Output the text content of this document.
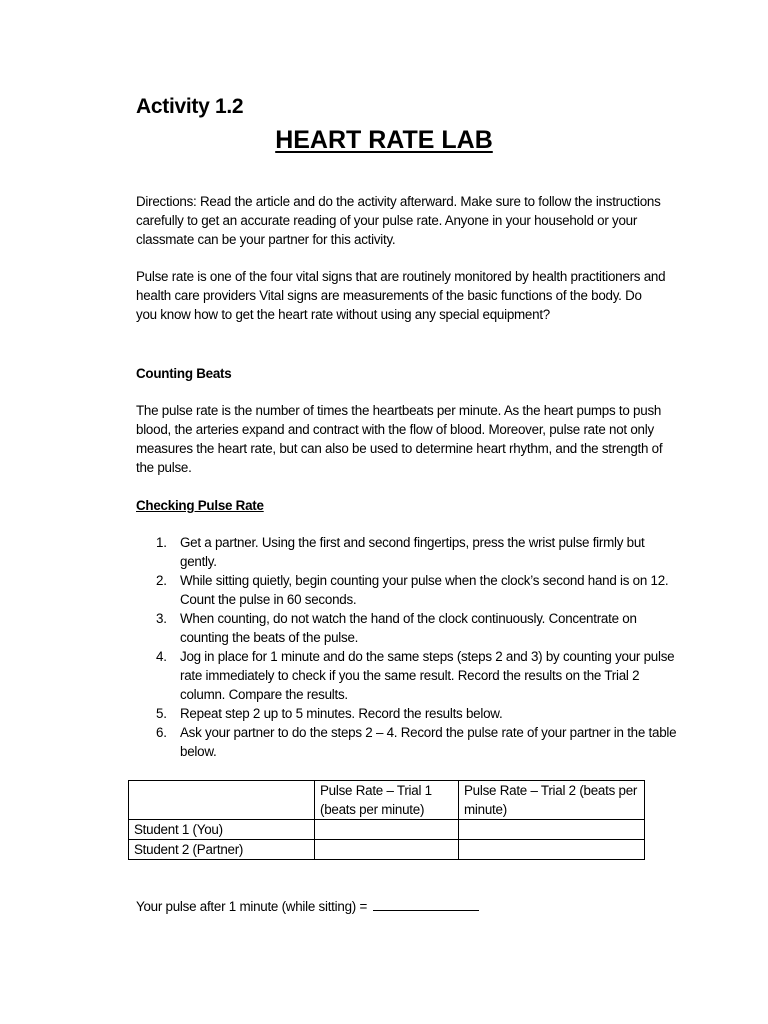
Activity 1.2
HEART RATE LAB
Directions: Read the article and do the activity afterward. Make sure to follow the instructions carefully to get an accurate reading of your pulse rate. Anyone in your household or your classmate can be your partner for this activity.
Pulse rate is one of the four vital signs that are routinely monitored by health practitioners and health care providers Vital signs are measurements of the basic functions of the body. Do you know how to get the heart rate without using any special equipment?
Counting Beats
The pulse rate is the number of times the heartbeats per minute. As the heart pumps to push blood, the arteries expand and contract with the flow of blood. Moreover, pulse rate not only measures the heart rate, but can also be used to determine heart rhythm, and the strength of the pulse.
Checking Pulse Rate
1. Get a partner. Using the first and second fingertips, press the wrist pulse firmly but gently.
2. While sitting quietly, begin counting your pulse when the clock’s second hand is on 12. Count the pulse in 60 seconds.
3. When counting, do not watch the hand of the clock continuously. Concentrate on counting the beats of the pulse.
4. Jog in place for 1 minute and do the same steps (steps 2 and 3) by counting your pulse rate immediately to check if you the same result. Record the results on the Trial 2 column. Compare the results.
5. Repeat step 2 up to 5 minutes. Record the results below.
6. Ask your partner to do the steps 2 – 4. Record the pulse rate of your partner in the table below.
	Pulse Rate – Trial 1 (beats per minute)	Pulse Rate – Trial 2 (beats per minute)
Student 1 (You)		
Student 2 (Partner)		
Your pulse after 1 minute (while sitting) =
